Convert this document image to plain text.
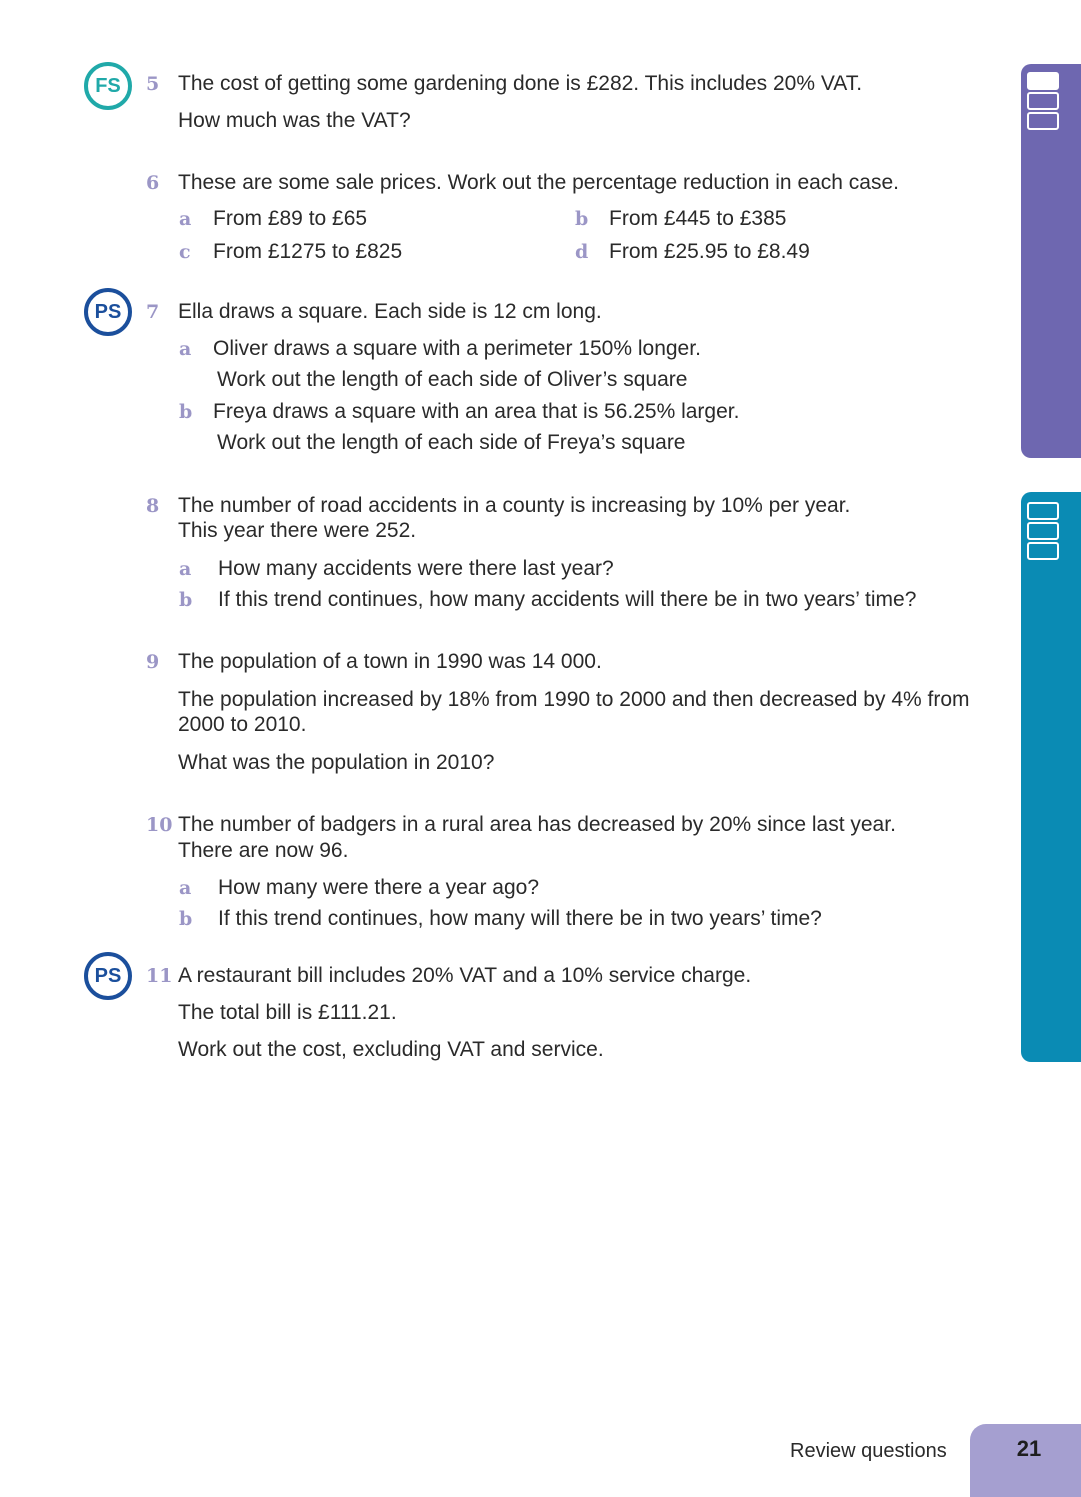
FS	5 The cost of getting some gardening done is £282. This includes 20% VAT.
How much was the VAT?
6 These are some sale prices. Work out the percentage reduction in each case.
a From £89 to £65	b From £445 to £385
c From £1275 to £825	d From £25.95 to £8.49
PS	7 Ella draws a square. Each side is 12 cm long.
a Oliver draws a square with a perimeter 150% longer.
Work out the length of each side of Oliver’s square
b Freya draws a square with an area that is 56.25% larger.
Work out the length of each side of Freya’s square
8 The number of road accidents in a county is increasing by 10% per year.
This year there were 252.
a How many accidents were there last year?
b If this trend continues, how many accidents will there be in two years’ time?
9 The population of a town in 1990 was 14 000.
The population increased by 18% from 1990 to 2000 and then decreased by 4% from
2000 to 2010.
What was the population in 2010?
10 The number of badgers in a rural area has decreased by 20% since last year.
There are now 96.
a How many were there a year ago?
b If this trend continues, how many will there be in two years’ time?
PS	11 A restaurant bill includes 20% VAT and a 10% service charge.
The total bill is £111.21.
Work out the cost, excluding VAT and service.
Review questions	21
